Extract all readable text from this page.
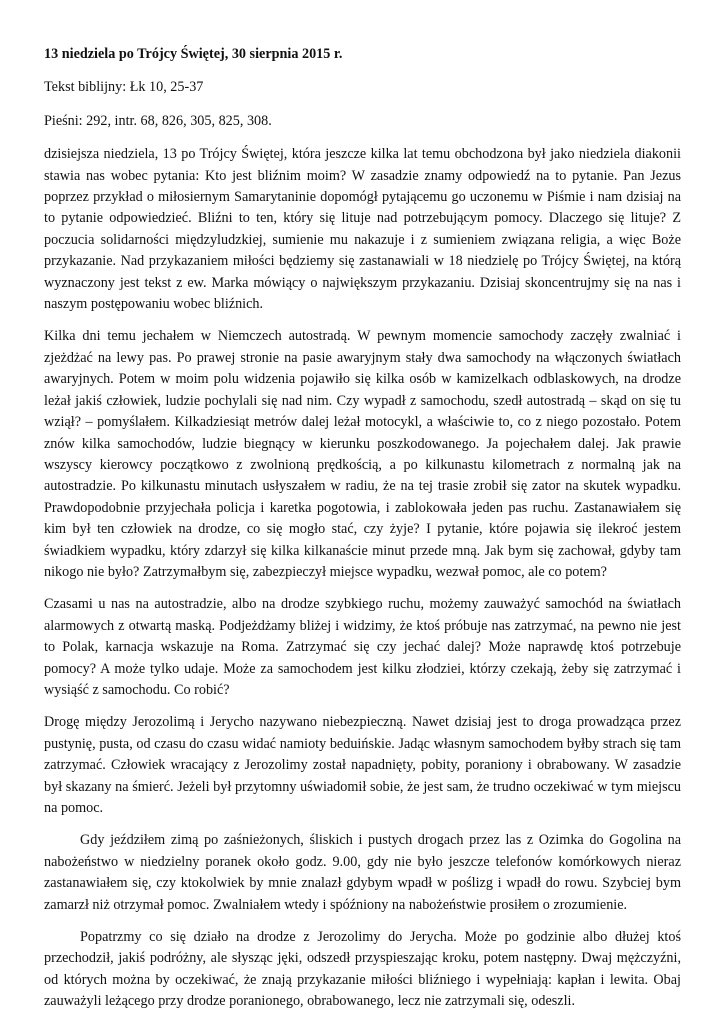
13 niedziela po Trójcy Świętej, 30 sierpnia 2015 r.

Tekst biblijny: Łk 10, 25-37

Pieśni: 292, intr. 68, 826, 305, 825, 308.

dzisiejsza niedziela, 13 po Trójcy Świętej, która jeszcze kilka lat temu obchodzona był jako niedziela diakonii stawia nas wobec pytania: Kto jest bliźnim moim? W zasadzie znamy odpowiedź na to pytanie. Pan Jezus poprzez przykład o miłosiernym Samarytaninie dopomógł pytającemu go uczonemu w Piśmie i nam dzisiaj na to pytanie odpowiedzieć. Bliźni to ten, który się lituje nad potrzebującym pomocy. Dlaczego się lituje? Z poczucia solidarności międzyludzkiej, sumienie mu nakazuje i z sumieniem związana religia, a więc Boże przykazanie. Nad przykazaniem miłości będziemy się zastanawiali w 18 niedzielę po Trójcy Świętej, na którą wyznaczony jest tekst z ew. Marka mówiący o największym przykazaniu. Dzisiaj skoncentrujmy się na nas i naszym postępowaniu wobec bliźnich.

Kilka dni temu jechałem w Niemczech autostradą. W pewnym momencie samochody zaczęły zwalniać i zjeżdżać na lewy pas. Po prawej stronie na pasie awaryjnym stały dwa samochody na włączonych światłach awaryjnych. Potem w moim polu widzenia pojawiło się kilka osób w kamizelkach odblaskowych, na drodze leżał jakiś człowiek, ludzie pochylali się nad nim. Czy wypadł z samochodu, szedł autostradą – skąd on się tu wziął? – pomyślałem. Kilkadziesiąt metrów dalej leżał motocykl, a właściwie to, co z niego pozostało. Potem znów kilka samochodów, ludzie biegnący w kierunku poszkodowanego. Ja pojechałem dalej. Jak prawie wszyscy kierowcy początkowo z zwolnioną prędkością, a po kilkunastu kilometrach z normalną jak na autostradzie. Po kilkunastu minutach usłyszałem w radiu, że na tej trasie zrobił się zator na skutek wypadku. Prawdopodobnie przyjechała policja i karetka pogotowia, i zablokowała jeden pas ruchu. Zastanawiałem się kim był ten człowiek na drodze, co się mogło stać, czy żyje? I pytanie, które pojawia się ilekroć jestem świadkiem wypadku, który zdarzył się kilka kilkanaście minut przede mną. Jak bym się zachował, gdyby tam nikogo nie było? Zatrzymałbym się, zabezpieczył miejsce wypadku, wezwał pomoc, ale co potem?

Czasami u nas na autostradzie, albo na drodze szybkiego ruchu, możemy zauważyć samochód na światłach alarmowych z otwartą maską. Podjeżdżamy bliżej i widzimy, że ktoś próbuje nas zatrzymać, na pewno nie jest to Polak, karnacja wskazuje na Roma. Zatrzymać się czy jechać dalej? Może naprawdę ktoś potrzebuje pomocy? A może tylko udaje. Może za samochodem jest kilku złodziei, którzy czekają, żeby się zatrzymać i wysiąść z samochodu. Co robić?

Drogę między Jerozolimą i Jerycho nazywano niebezpieczną. Nawet dzisiaj jest to droga prowadząca przez pustynię, pusta, od czasu do czasu widać namioty beduińskie. Jadąc własnym samochodem byłby strach się tam zatrzymać. Człowiek wracający z Jerozolimy został napadnięty, pobity, poraniony i obrabowany. W zasadzie był skazany na śmierć. Jeżeli był przytomny uświadomił sobie, że jest sam, że trudno oczekiwać w tym miejscu na pomoc.

Gdy jeździłem zimą po zaśnieżonych, śliskich i pustych drogach przez las z Ozimka do Gogolina na nabożeństwo w niedzielny poranek około godz. 9.00, gdy nie było jeszcze telefonów komórkowych nieraz zastanawiałem się, czy ktokolwiek by mnie znalazł gdybym wpadł w poślizg i wpadł do rowu. Szybciej bym zamarzł niż otrzymał pomoc. Zwalniałem wtedy i spóźniony na nabożeństwie prosiłem o zrozumienie.

Popatrzmy co się działo na drodze z Jerozolimy do Jerycha. Może po godzinie albo dłużej ktoś przechodził, jakiś podróżny, ale słysząc jęki, odszedł przyspieszając kroku, potem następny. Dwaj mężczyźni, od których można by oczekiwać, że znają przykazanie miłości bliźniego i wypełniają: kapłan i lewita. Obaj zauważyli leżącego przy drodze poranionego, obrabowanego, lecz nie zatrzymali się, odeszli.
